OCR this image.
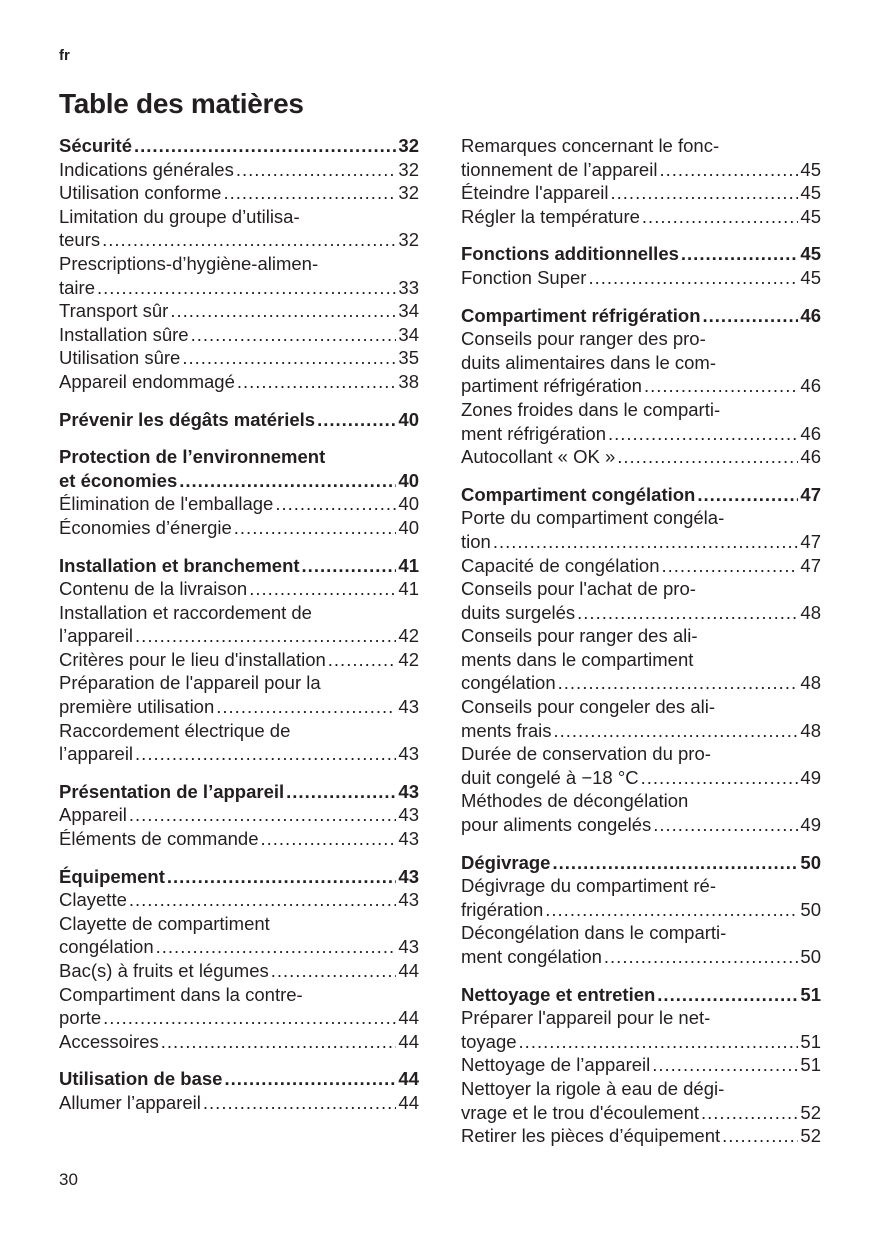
fr
Table des matières
Sécurité .....	32
Indications générales .....	32
Utilisation conforme .....	32
Limitation du groupe d’utilisa-
teurs .....	32
Prescriptions-d’hygiène-alimen-
taire .....	33
Transport sûr .....	34
Installation sûre .....	34
Utilisation sûre .....	35
Appareil endommagé .....	38
Prévenir les dégâts matériels .....	40
Protection de l’environnement
et économies .....	40
Élimination de l'emballage .....	40
Économies d’énergie .....	40
Installation et branchement .....	41
Contenu de la livraison .....	41
Installation et raccordement de
l’appareil .....	42
Critères pour le lieu d'installation .....	42
Préparation de l'appareil pour la
première utilisation .....	43
Raccordement électrique de
l’appareil .....	43
Présentation de l’appareil .....	43
Appareil .....	43
Éléments de commande .....	43
Équipement .....	43
Clayette .....	43
Clayette de compartiment
congélation .....	43
Bac(s) à fruits et légumes .....	44
Compartiment dans la contre-
porte .....	44
Accessoires .....	44
Utilisation de base .....	44
Allumer l’appareil .....	44
Remarques concernant le fonc-
tionnement de l’appareil .....	45
Éteindre l'appareil .....	45
Régler la température .....	45
Fonctions additionnelles .....	45
Fonction Super .....	45
Compartiment réfrigération .....	46
Conseils pour ranger des pro-
duits alimentaires dans le com-
partiment réfrigération .....	46
Zones froides dans le comparti-
ment réfrigération .....	46
Autocollant « OK » .....	46
Compartiment congélation .....	47
Porte du compartiment congéla-
tion .....	47
Capacité de congélation .....	47
Conseils pour l'achat de pro-
duits surgelés .....	48
Conseils pour ranger des ali-
ments dans le compartiment
congélation .....	48
Conseils pour congeler des ali-
ments frais .....	48
Durée de conservation du pro-
duit congelé à −18 °C .....	49
Méthodes de décongélation
pour aliments congelés .....	49
Dégivrage .....	50
Dégivrage du compartiment ré-
frigération .....	50
Décongélation dans le comparti-
ment congélation .....	50
Nettoyage et entretien .....	51
Préparer l'appareil pour le net-
toyage .....	51
Nettoyage de l’appareil .....	51
Nettoyer la rigole à eau de dégi-
vrage et le trou d'écoulement .....	52
Retirer les pièces d’équipement .....	52
30
